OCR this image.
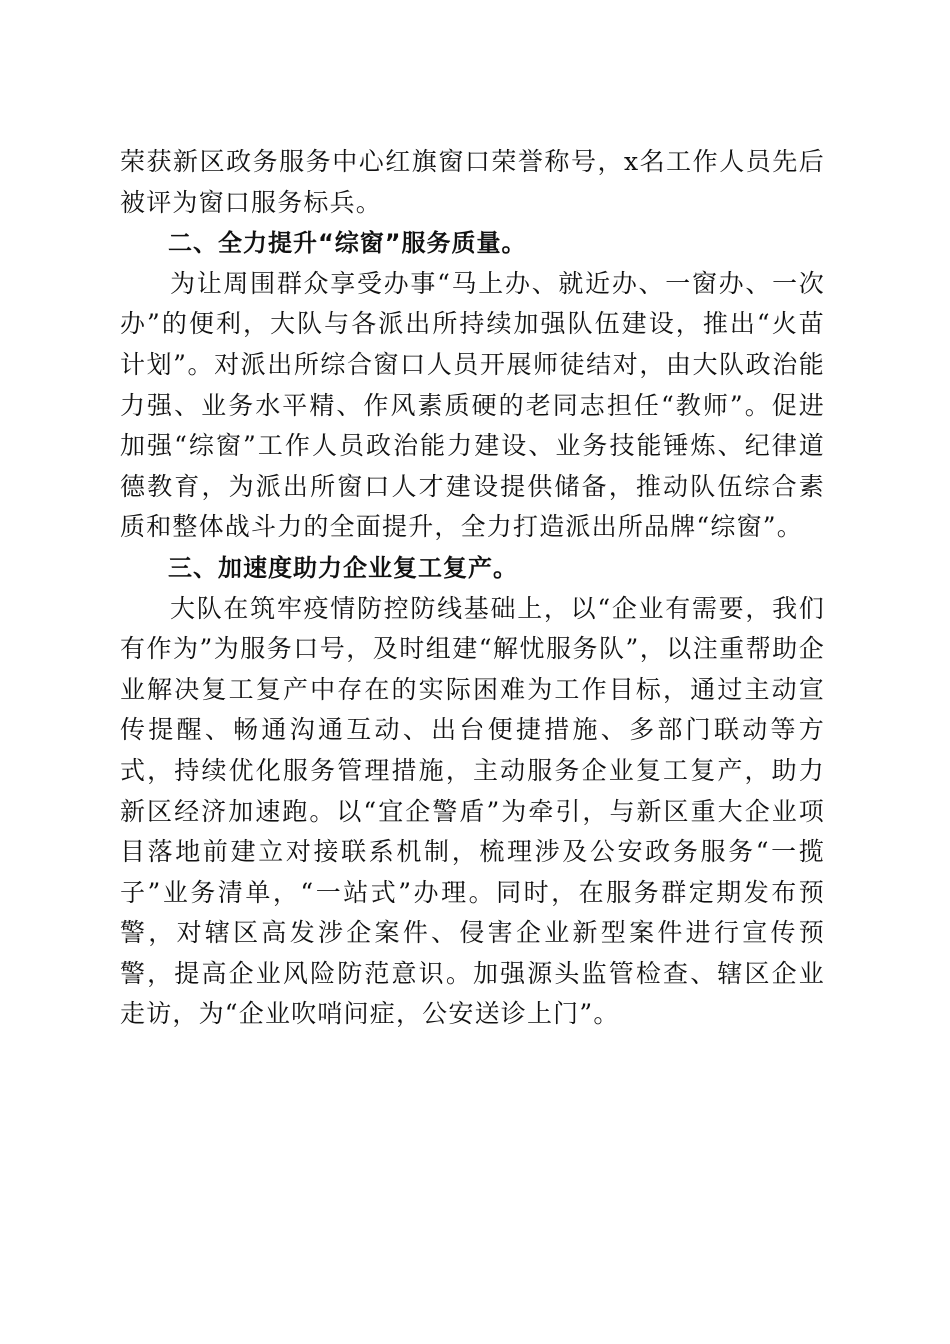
荣获新区政务服务中心红旗窗口荣誉称号，x名工作人员先后被评为窗口服务标兵。

二、全力提升“综窗”服务质量。

为让周围群众享受办事“马上办、就近办、一窗办、一次办”的便利，大队与各派出所持续加强队伍建设，推出“火苗计划”。对派出所综合窗口人员开展师徒结对，由大队政治能力强、业务水平精、作风素质硬的老同志担任“教师”。促进加强“综窗”工作人员政治能力建设、业务技能锤炼、纪律道德教育，为派出所窗口人才建设提供储备，推动队伍综合素质和整体战斗力的全面提升，全力打造派出所品牌“综窗”。

三、加速度助力企业复工复产。

大队在筑牢疫情防控防线基础上，以“企业有需要，我们有作为”为服务口号，及时组建“解忧服务队”，以注重帮助企业解决复工复产中存在的实际困难为工作目标，通过主动宣传提醒、畅通沟通互动、出台便捷措施、多部门联动等方式，持续优化服务管理措施，主动服务企业复工复产，助力新区经济加速跑。以“宜企警盾”为牵引，与新区重大企业项目落地前建立对接联系机制，梳理涉及公安政务服务“一揽子”业务清单，“一站式”办理。同时，在服务群定期发布预警，对辖区高发涉企案件、侵害企业新型案件进行宣传预警，提高企业风险防范意识。加强源头监管检查、辖区企业走访，为“企业吹哨问症，公安送诊上门”。
